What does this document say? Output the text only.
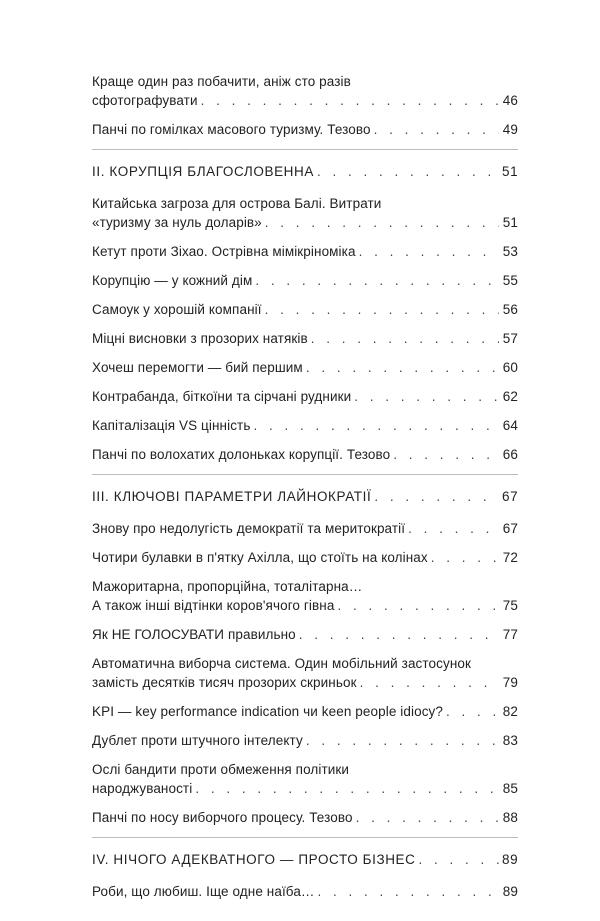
Краще один раз побачити, аніж сто разів
сфотографувати . . .	46
Панчі по гомілках масового туризму. Тезово . . .	49
II. КОРУПЦІЯ БЛАГОСЛОВЕННА . . .	51
Китайська загроза для острова Балі. Витрати
«туризму за нуль доларів» . . .	51
Кетут проти Зіхао. Острівна мімікріноміка . . .	53
Корупцію — у кожний дім . . .	55
Самоук у хорошій компанії . . .	56
Міцні висновки з прозорих натяків . . .	57
Хочеш перемогти — бий першим . . .	60
Контрабанда, біткоїни та сірчані рудники . . .	62
Капіталізація VS цінність . . .	64
Панчі по волохатих долоньках корупції. Тезово . . .	66
III. КЛЮЧОВІ ПАРАМЕТРИ ЛАЙНОКРАТІЇ . . .	67
Знову про недолугість демократії та меритократії . . .	67
Чотири булавки в п'ятку Ахілла, що стоїть на колінах . . .	72
Мажоритарна, пропорційна, тоталітарна…
А також інші відтінки коров'ячого гівна . . .	75
Як НЕ ГОЛОСУВАТИ правильно . . .	77
Автоматична виборча система. Один мобільний застосунок
замість десятків тисяч прозорих скриньок . . .	79
KPI — key performance indication чи keen people idiocy? . . .	82
Дублет проти штучного інтелекту . . .	83
Ослі бандити проти обмеження політики
народжуваності . . .	85
Панчі по носу виборчого процесу. Тезово . . .	88
IV. НІЧОГО АДЕКВАТНОГО — ПРОСТО БІЗНЕС . . .	89
Роби, що любиш. Іще одне наїба… . . .	89
